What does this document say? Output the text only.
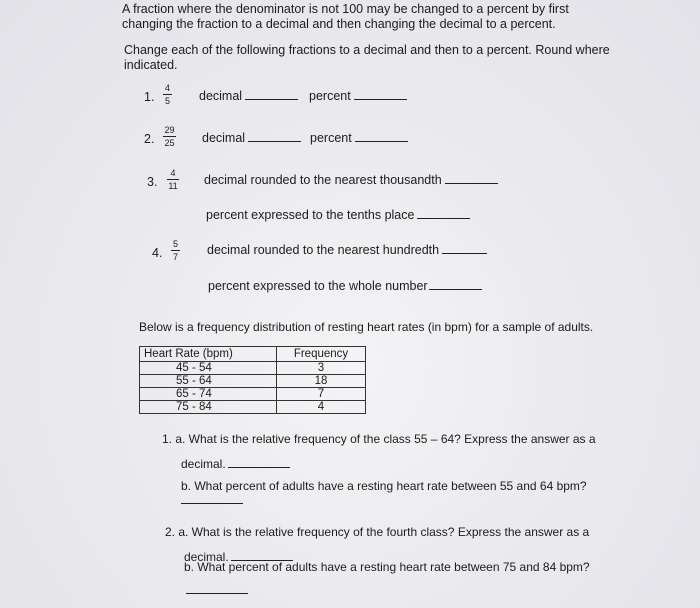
A fraction where the denominator is not 100 may be changed to a percent by first
changing the fraction to a decimal and then changing the decimal to a percent.
Change each of the following fractions to a decimal and then to a percent. Round where
indicated.
1.
4
5 decimal	percent
2.
29
25 decimal	percent
3.
4
11 decimal rounded to the nearest thousandth
percent expressed to the tenths place
4.
5
7 decimal rounded to the nearest hundredth
percent expressed to the whole number
Below is a frequency distribution of resting heart rates (in bpm) for a sample of adults.
Heart Rate (bpm)	Frequency
45 - 54	3
55 - 64	18
65 - 74	7
75 - 84	4
1. a. What is the relative frequency of the class 55 – 64? Express the answer as a
decimal.
b. What percent of adults have a resting heart rate between 55 and 64 bpm?
2. a. What is the relative frequency of the fourth class? Express the answer as a
decimal.
b. What percent of adults have a resting heart rate between 75 and 84 bpm?
